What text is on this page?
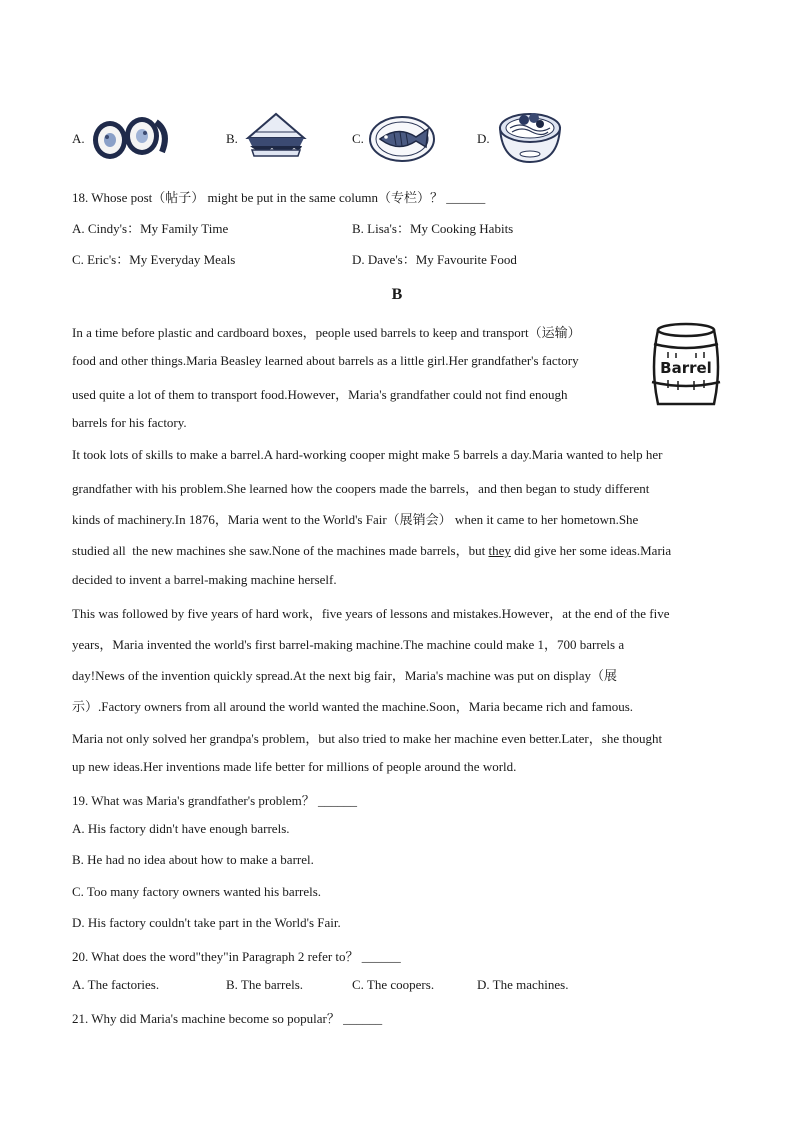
A.	B.	C.	D.
18. Whose post（帖子） might be put in the same column（专栏）？ ______
A. Cindy's：My Family Time	B. Lisa's：My Cooking Habits
C. Eric's：My Everyday Meals	D. Dave's：My Favourite Food
B
Barrel
In a time before plastic and cardboard boxes，people used barrels to keep and transport（运输）
food and other things.Maria Beasley learned about barrels as a little girl.Her grandfather's factory
used quite a lot of them to transport food.However，Maria's grandfather could not find enough
barrels for his factory.
It took lots of skills to make a barrel.A hard-working cooper might make 5 barrels a day.Maria wanted to help her
grandfather with his problem.She learned how the coopers made the barrels，and then began to study different
kinds of machinery.In 1876，Maria went to the World's Fair（展销会） when it came to her hometown.She
studied all  the new machines she saw.None of the machines made barrels，but they did give her some ideas.Maria
decided to invent a barrel-making machine herself.
This was followed by five years of hard work，five years of lessons and mistakes.However，at the end of the five
years，Maria invented the world's first barrel-making machine.The machine could make 1，700 barrels a
day!News of the invention quickly spread.At the next big fair，Maria's machine was put on display（展
示）.Factory owners from all around the world wanted the machine.Soon，Maria became rich and famous.
Maria not only solved her grandpa's problem，but also tried to make her machine even better.Later，she thought
up new ideas.Her inventions made life better for millions of people around the world.
19. What was Maria's grandfather's problem？ ______
A. His factory didn't have enough barrels.
B. He had no idea about how to make a barrel.
C. Too many factory owners wanted his barrels.
D. His factory couldn't take part in the World's Fair.
20. What does the word"they"in Paragraph 2 refer to？ ______
A. The factories.	B. The barrels.	C. The coopers.	D. The machines.
21. Why did Maria's machine become so popular？ ______
